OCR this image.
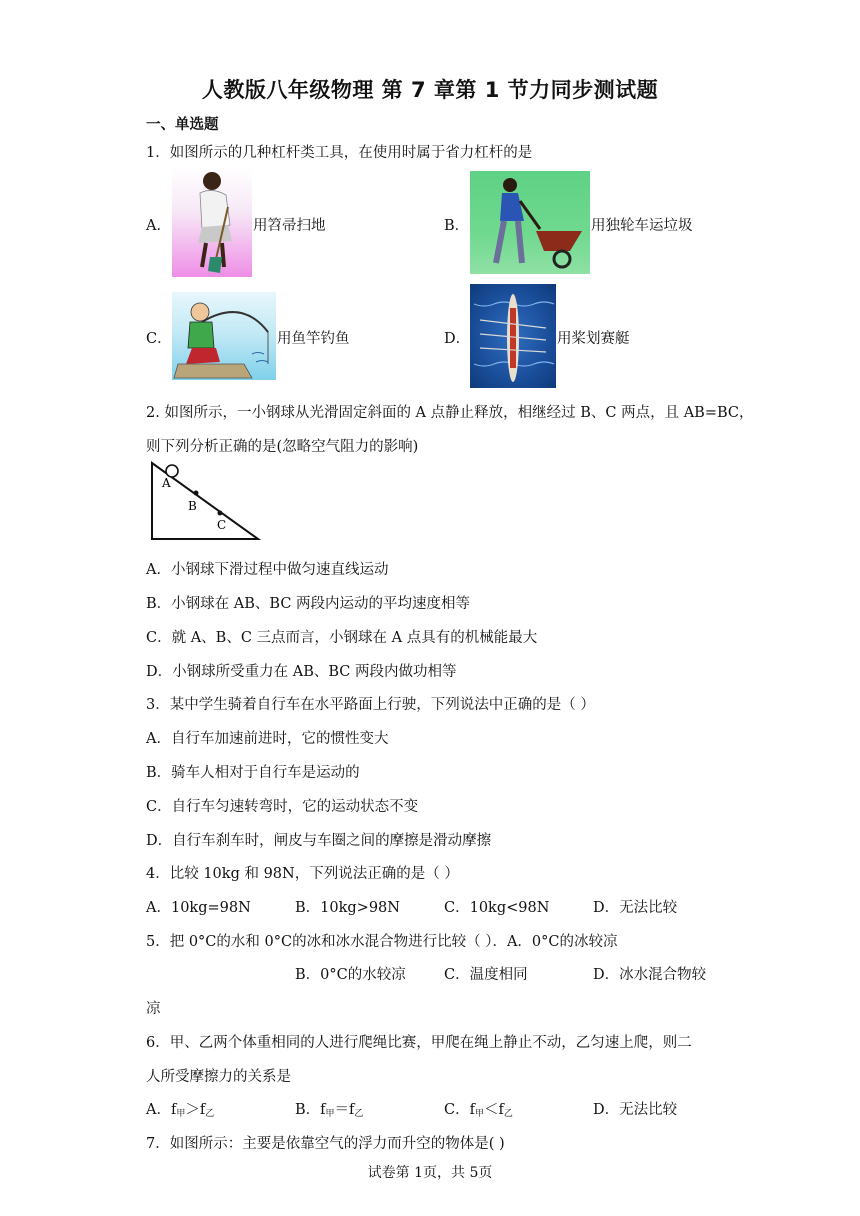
人教版八年级物理 第 7 章第 1 节力同步测试题
一、单选题
1．如图所示的几种杠杆类工具，在使用时属于省力杠杆的是
A．	用笤帚扫地	B．	用独轮车运垃圾
C．	用鱼竿钓鱼	D．	用桨划赛艇
2. 如图所示，一小钢球从光滑固定斜面的 A 点静止释放，相继经过 B、C 两点，且 AB=BC，
则下列分析正确的是(忽略空气阻力的影响)
A
B
C
A．小钢球下滑过程中做匀速直线运动
B．小钢球在 AB、BC 两段内运动的平均速度相等
C．就 A、B、C 三点而言，小钢球在 A 点具有的机械能最大
D．小钢球所受重力在 AB、BC 两段内做功相等
3．某中学生骑着自行车在水平路面上行驶，下列说法中正确的是（ ）
A．自行车加速前进时，它的惯性变大
B．骑车人相对于自行车是运动的
C．自行车匀速转弯时，它的运动状态不变
D．自行车刹车时，闸皮与车圈之间的摩擦是滑动摩擦
4．比较 10kg 和 98N，下列说法正确的是（ ）
A．10kg=98N	B．10kg>98N	C．10kg<98N	D．无法比较
5．把 0°C的水和 0°C的冰和冰水混合物进行比较（ ）．A．0°C的冰较凉
B．0°C的水较凉	C．温度相同	D．冰水混合物较
凉
6．甲、乙两个体重相同的人进行爬绳比赛，甲爬在绳上静止不动，乙匀速上爬，则二
人所受摩擦力的关系是
A．$f_甲>f_乙$	B．$f_甲=f_乙$	C．$f_甲<f_乙$	D．无法比较
7．如图所示：主要是依靠空气的浮力而升空的物体是( )
试卷第 1页，共 5页
